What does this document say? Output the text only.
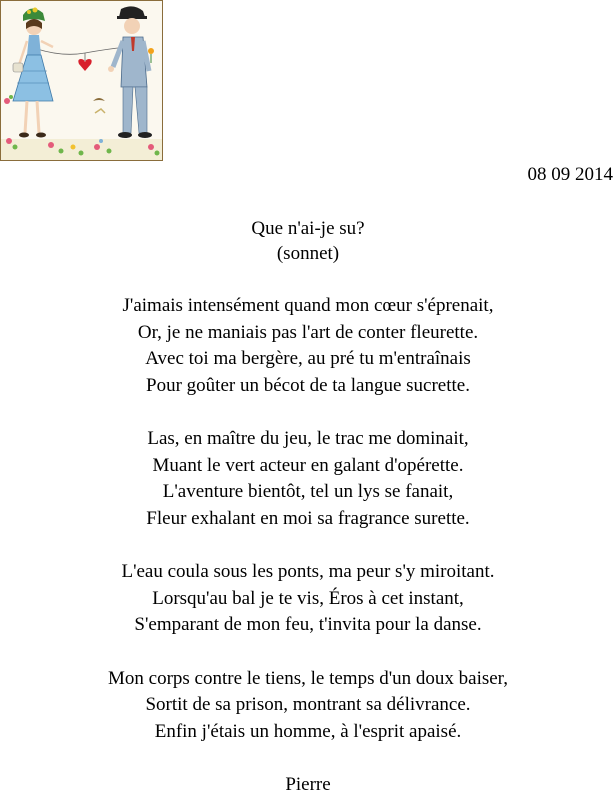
08 09 2014
Que n'ai-je su?
(sonnet)
J'aimais intensément quand mon cœur s'éprenait,
Or, je ne maniais pas l'art de conter fleurette.
Avec toi ma bergère, au pré tu m'entraînais
Pour goûter un bécot de ta langue sucrette.
Las, en maître du jeu, le trac me dominait,
Muant le vert acteur en galant d'opérette.
L'aventure bientôt, tel un lys se fanait,
Fleur exhalant en moi sa fragrance surette.
L'eau coula sous les ponts, ma peur s'y miroitant.
Lorsqu'au bal je te vis, Éros à cet instant,
S'emparant de mon feu, t'invita pour la danse.
Mon corps contre le tiens, le temps d'un doux baiser,
Sortit de sa prison, montrant sa délivrance.
Enfin j'étais un homme, à l'esprit apaisé.
Pierre
